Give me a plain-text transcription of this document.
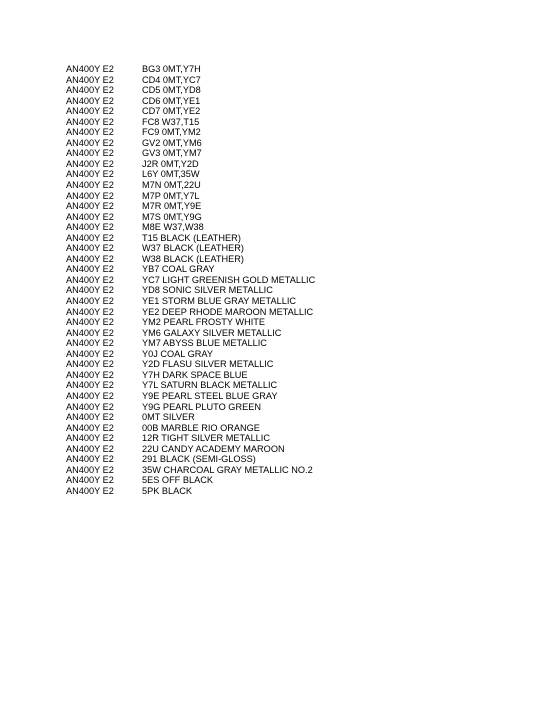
AN400Y E2	BG3 0MT,Y7H
AN400Y E2	CD4 0MT,YC7
AN400Y E2	CD5 0MT,YD8
AN400Y E2	CD6 0MT,YE1
AN400Y E2	CD7 0MT,YE2
AN400Y E2	FC8 W37,T15
AN400Y E2	FC9 0MT,YM2
AN400Y E2	GV2 0MT,YM6
AN400Y E2	GV3 0MT,YM7
AN400Y E2	J2R 0MT,Y2D
AN400Y E2	L6Y 0MT,35W
AN400Y E2	M7N 0MT,22U
AN400Y E2	M7P 0MT,Y7L
AN400Y E2	M7R 0MT,Y9E
AN400Y E2	M7S 0MT,Y9G
AN400Y E2	M8E W37,W38
AN400Y E2	T15 BLACK (LEATHER)
AN400Y E2	W37 BLACK (LEATHER)
AN400Y E2	W38 BLACK (LEATHER)
AN400Y E2	YB7 COAL GRAY
AN400Y E2	YC7 LIGHT GREENISH GOLD METALLIC
AN400Y E2	YD8 SONIC SILVER METALLIC
AN400Y E2	YE1 STORM BLUE GRAY METALLIC
AN400Y E2	YE2 DEEP RHODE MAROON METALLIC
AN400Y E2	YM2 PEARL FROSTY WHITE
AN400Y E2	YM6 GALAXY SILVER METALLIC
AN400Y E2	YM7 ABYSS BLUE METALLIC
AN400Y E2	Y0J COAL GRAY
AN400Y E2	Y2D FLASU SILVER METALLIC
AN400Y E2	Y7H DARK SPACE BLUE
AN400Y E2	Y7L SATURN BLACK METALLIC
AN400Y E2	Y9E PEARL STEEL BLUE GRAY
AN400Y E2	Y9G PEARL PLUTO GREEN
AN400Y E2	0MT SILVER
AN400Y E2	00B MARBLE RIO ORANGE
AN400Y E2	12R TIGHT SILVER METALLIC
AN400Y E2	22U CANDY ACADEMY MAROON
AN400Y E2	291 BLACK (SEMI-GLOSS)
AN400Y E2	35W CHARCOAL GRAY METALLIC NO.2
AN400Y E2	5ES OFF BLACK
AN400Y E2	5PK BLACK
